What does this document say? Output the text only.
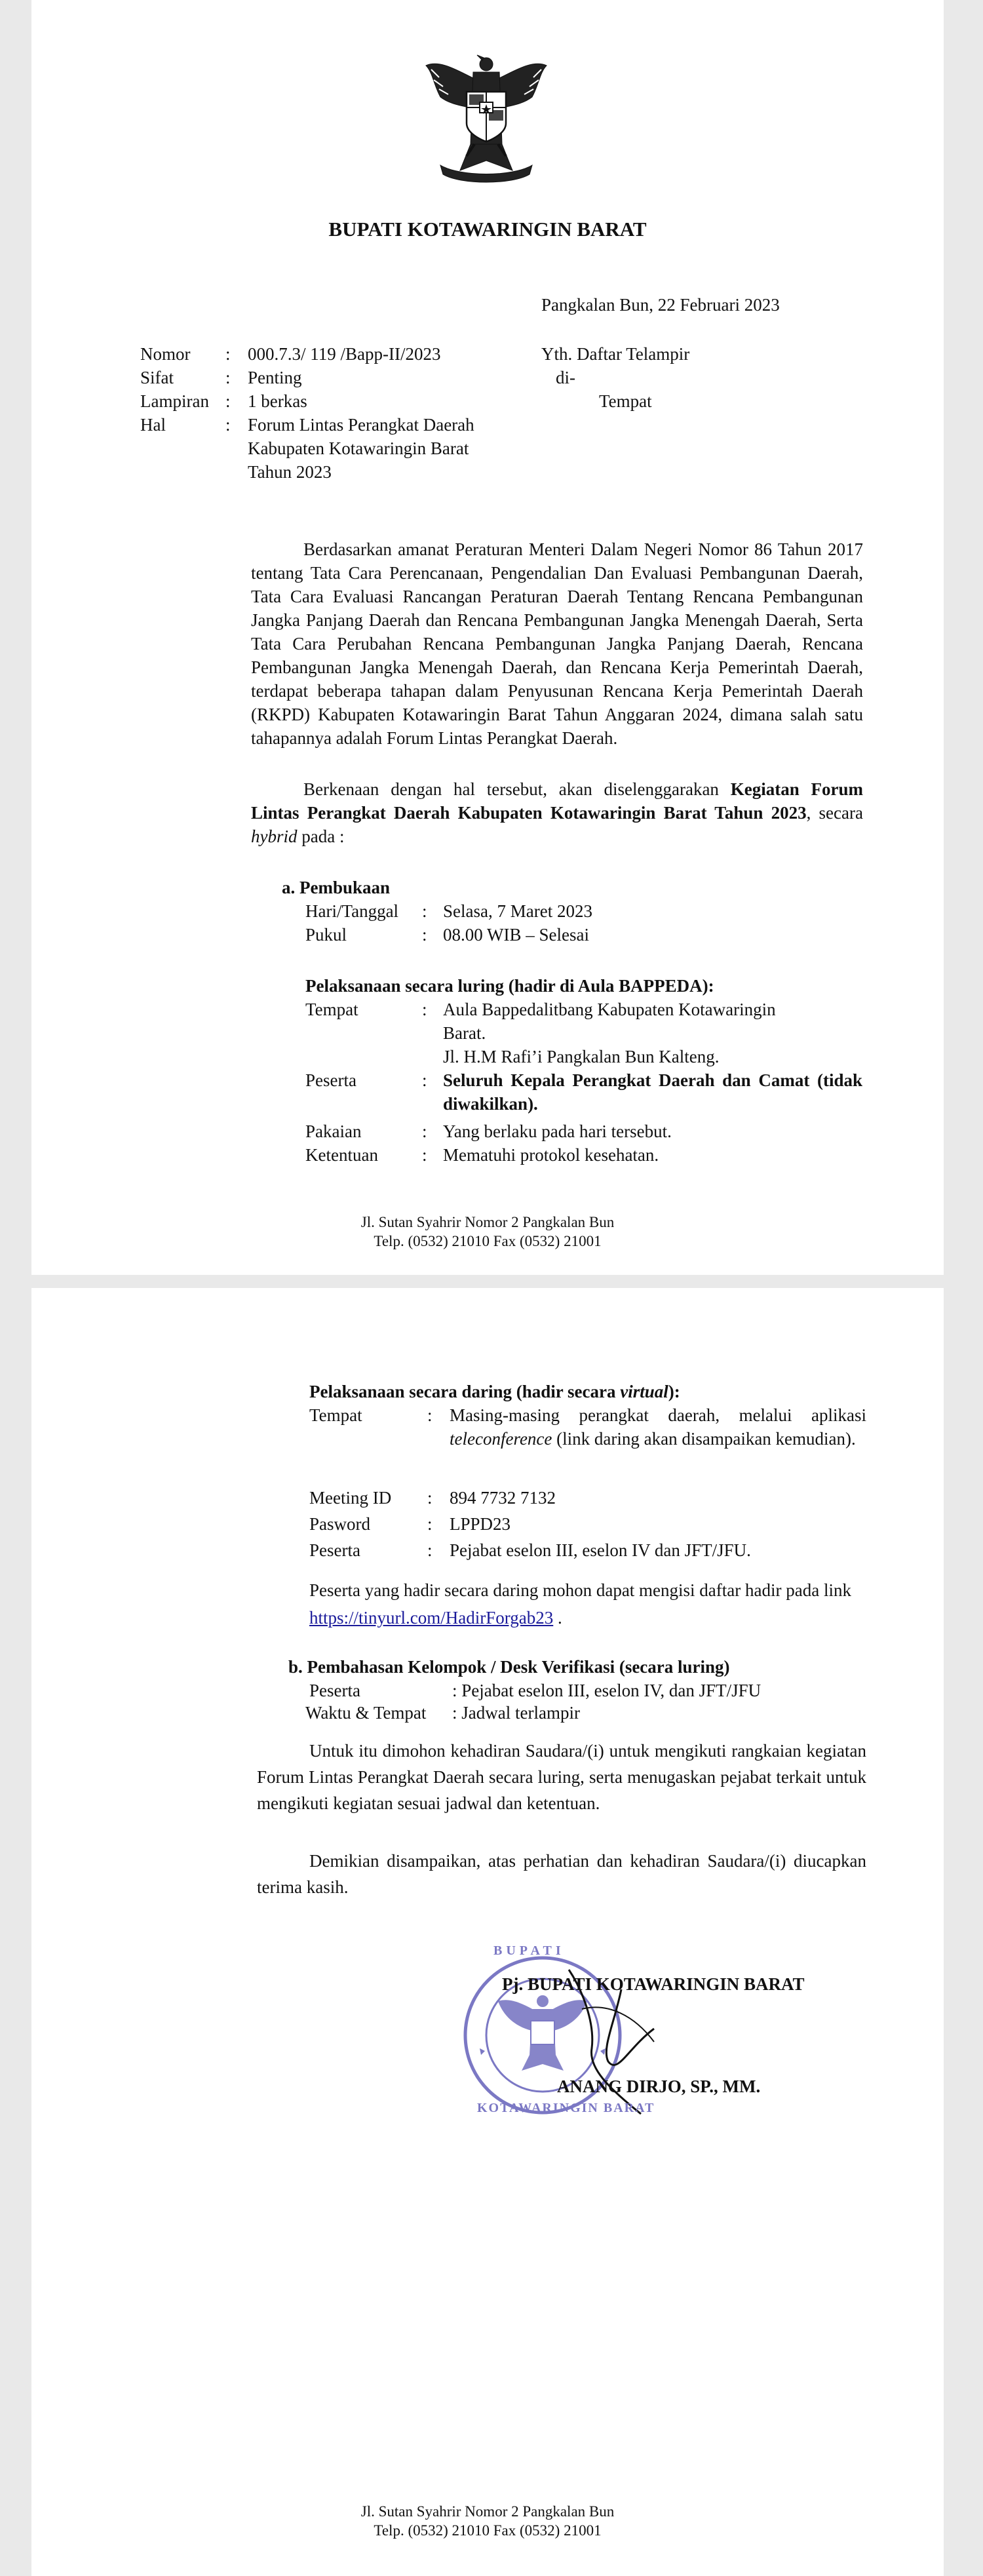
BUPATI KOTAWARINGIN BARAT
Pangkalan Bun, 22 Februari 2023
Nomor : 000.7.3/ 119 /Bapp-II/2023
Sifat	: Penting
Lampiran : 1 berkas
Hal	: Forum Lintas Perangkat Daerah
Kabupaten Kotawaringin Barat
Tahun 2023
Yth. Daftar Telampir
di-
Tempat
Berdasarkan amanat Peraturan Menteri Dalam Negeri Nomor 86 Tahun 2017 tentang Tata Cara Perencanaan, Pengendalian Dan Evaluasi Pembangunan Daerah, Tata Cara Evaluasi Rancangan Peraturan Daerah Tentang Rencana Pembangunan Jangka Panjang Daerah dan Rencana Pembangunan Jangka Menengah Daerah, Serta Tata Cara Perubahan Rencana Pembangunan Jangka Panjang Daerah, Rencana Pembangunan Jangka Menengah Daerah, dan Rencana Kerja Pemerintah Daerah, terdapat beberapa tahapan dalam Penyusunan Rencana Kerja Pemerintah Daerah (RKPD) Kabupaten Kotawaringin Barat Tahun Anggaran 2024, dimana salah satu tahapannya adalah Forum Lintas Perangkat Daerah.
Berkenaan dengan hal tersebut, akan diselenggarakan Kegiatan Forum Lintas Perangkat Daerah Kabupaten Kotawaringin Barat Tahun 2023, secara hybrid pada :
a. Pembukaan
Hari/Tanggal : Selasa, 7 Maret 2023
Pukul	: 08.00 WIB – Selesai
Pelaksanaan secara luring (hadir di Aula BAPPEDA):
Tempat	: Aula Bappedalitbang Kabupaten Kotawaringin Barat.
Jl. H.M Rafi’i Pangkalan Bun Kalteng.
Peserta	: Seluruh Kepala Perangkat Daerah dan Camat (tidak diwakilkan).
Pakaian	: Yang berlaku pada hari tersebut.
Ketentuan : Mematuhi protokol kesehatan.
Jl. Sutan Syahrir Nomor 2 Pangkalan Bun
Telp. (0532) 21010 Fax (0532) 21001
Pelaksanaan secara daring (hadir secara virtual):
Tempat	: Masing-masing perangkat daerah, melalui aplikasi teleconference (link daring akan disampaikan kemudian).
Meeting ID : 894 7732 7132
Pasword	: LPPD23
Peserta	: Pejabat eselon III, eselon IV dan JFT/JFU.
Peserta yang hadir secara daring mohon dapat mengisi daftar hadir pada link https://tinyurl.com/HadirForgab23 .
b. Pembahasan Kelompok / Desk Verifikasi (secara luring)
Peserta	: Pejabat eselon III, eselon IV, dan JFT/JFU
Waktu & Tempat : Jadwal terlampir
Untuk itu dimohon kehadiran Saudara/(i) untuk mengikuti rangkaian kegiatan Forum Lintas Perangkat Daerah secara luring, serta menugaskan pejabat terkait untuk mengikuti kegiatan sesuai jadwal dan ketentuan.
Demikian disampaikan, atas perhatian dan kehadiran Saudara/(i) diucapkan terima kasih.
BUPATI
KOTAWARINGIN BARAT
Pj. BUPATI KOTAWARINGIN BARAT
ANANG DIRJO, SP., MM.
Jl. Sutan Syahrir Nomor 2 Pangkalan Bun
Telp. (0532) 21010 Fax (0532) 21001
